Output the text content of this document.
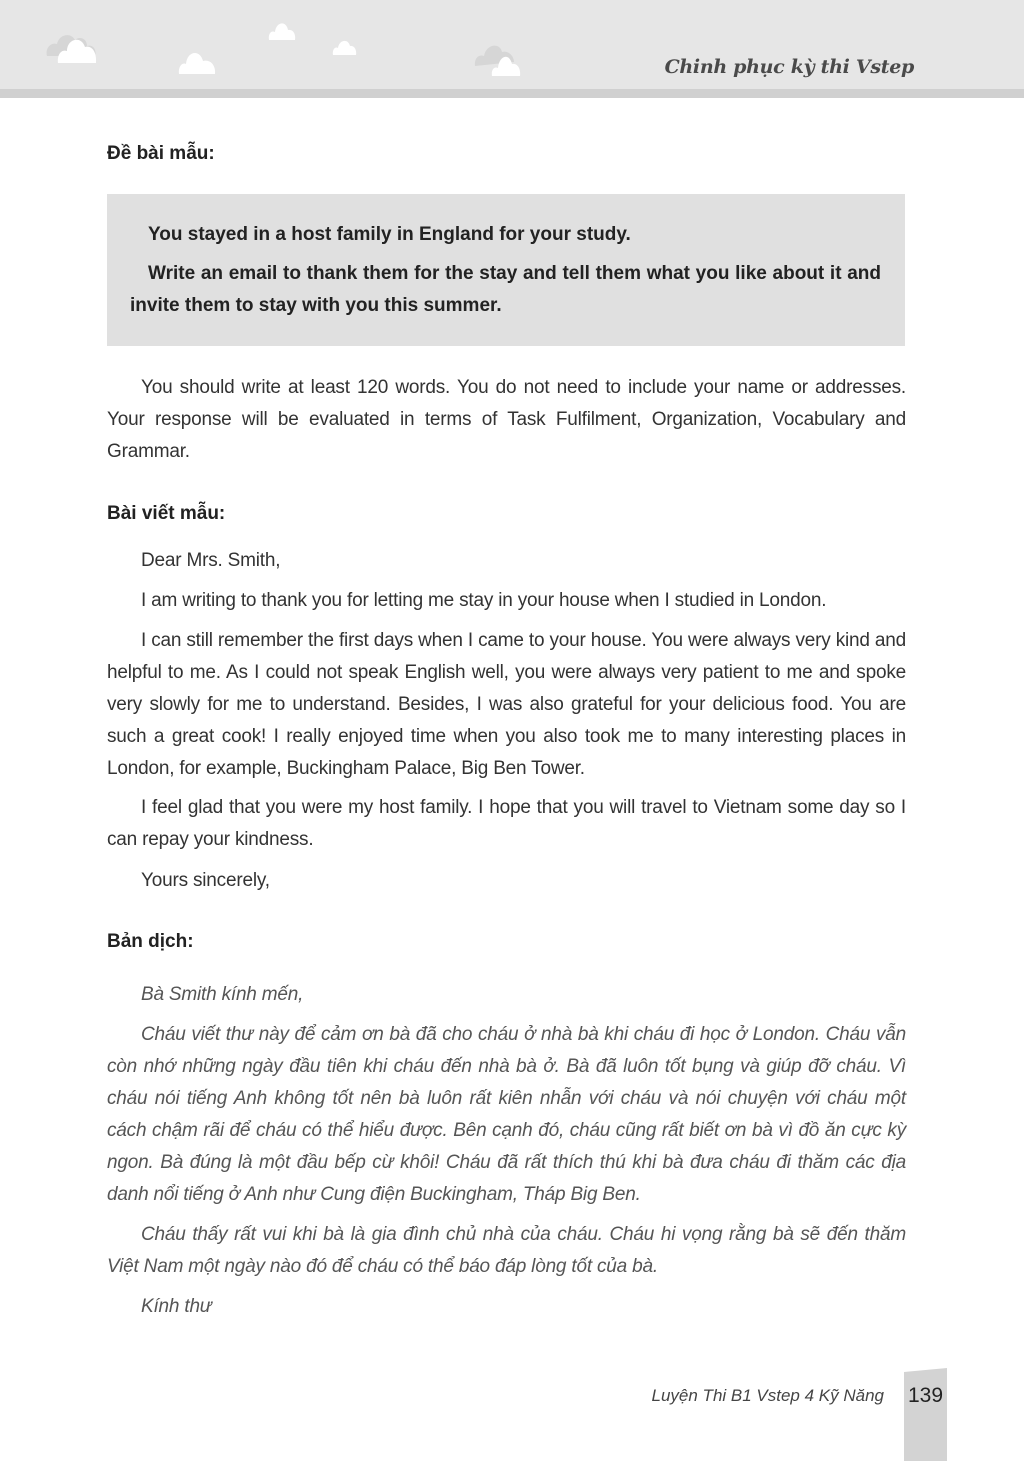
Chinh phục kỳ thi Vstep
Đề bài mẫu:

You stayed in a host family in England for your study.

Write an email to thank them for the stay and tell them what you like about it and invite them to stay with you this summer.

You should write at least 120 words. You do not need to include your name or addresses. Your response will be evaluated in terms of Task Fulfilment, Organization, Vocabulary and Grammar.

Bài viết mẫu:

Dear Mrs. Smith,

I am writing to thank you for letting me stay in your house when I studied in London.

I can still remember the first days when I came to your house. You were always very kind and helpful to me. As I could not speak English well, you were always very patient to me and spoke very slowly for me to understand. Besides, I was also grateful for your delicious food. You are such a great cook! I really enjoyed time when you also took me to many interesting places in London, for example, Buckingham Palace, Big Ben Tower.

I feel glad that you were my host family. I hope that you will travel to Vietnam some day so I can repay your kindness.

Yours sincerely,

Bản dịch:

Bà Smith kính mến,

Cháu viết thư này để cảm ơn bà đã cho cháu ở nhà bà khi cháu đi học ở London. Cháu vẫn còn nhớ những ngày đầu tiên khi cháu đến nhà bà ở. Bà đã luôn tốt bụng và giúp đỡ cháu. Vì cháu nói tiếng Anh không tốt nên bà luôn rất kiên nhẫn với cháu và nói chuyện với cháu một cách chậm rãi để cháu có thể hiểu được. Bên cạnh đó, cháu cũng rất biết ơn bà vì đồ ăn cực kỳ ngon. Bà đúng là một đầu bếp cừ khôi! Cháu đã rất thích thú khi bà đưa cháu đi thăm các địa danh nổi tiếng ở Anh như Cung điện Buckingham, Tháp Big Ben.

Cháu thấy rất vui khi bà là gia đình chủ nhà của cháu. Cháu hi vọng rằng bà sẽ đến thăm Việt Nam một ngày nào đó để cháu có thể báo đáp lòng tốt của bà.

Kính thư

Luyện Thi B1 Vstep 4 Kỹ Năng 139
